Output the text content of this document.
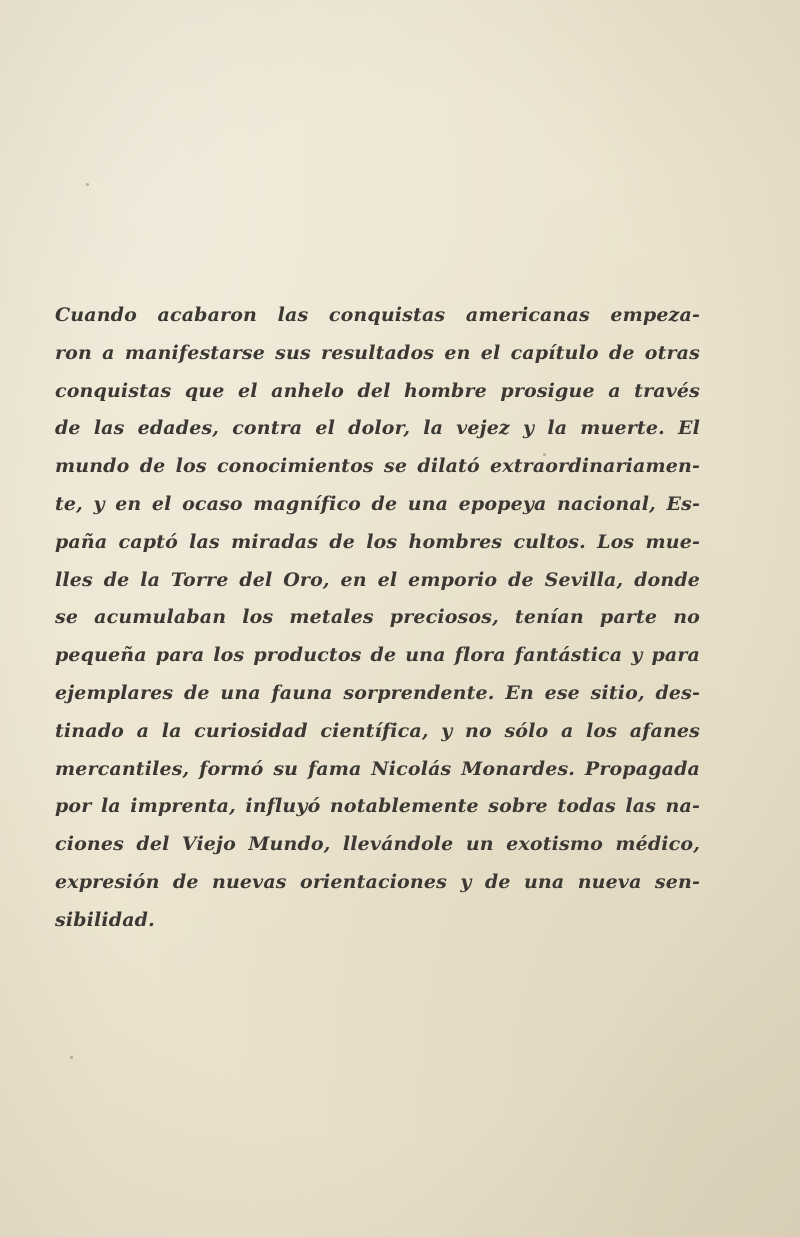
Cuando acabaron las conquistas americanas empeza-
ron a manifestarse sus resultados en el capítulo de otras
conquistas que el anhelo del hombre prosigue a través
de las edades, contra el dolor, la vejez y la muerte. El
mundo de los conocimientos se dilató extraordinariamen-
te, y en el ocaso magnífico de una epopeya nacional, Es-
paña captó las miradas de los hombres cultos. Los mue-
lles de la Torre del Oro, en el emporio de Sevilla, donde
se acumulaban los metales preciosos, tenían parte no
pequeña para los productos de una flora fantástica y para
ejemplares de una fauna sorprendente. En ese sitio, des-
tinado a la curiosidad científica, y no sólo a los afanes
mercantiles, formó su fama Nicolás Monardes. Propagada
por la imprenta, influyó notablemente sobre todas las na-
ciones del Viejo Mundo, llevándole un exotismo médico,
expresión de nuevas orientaciones y de una nueva sen-
sibilidad.
